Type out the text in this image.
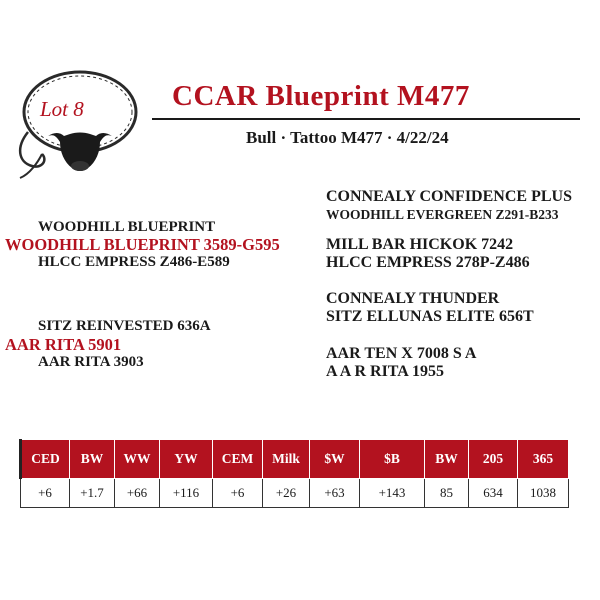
Lot 8	CCAR Blueprint M477
Bull · Tattoo M477 · 4/22/24
WOODHILL BLUEPRINT
WOODHILL BLUEPRINT 3589-G595
HLCC EMPRESS Z486-E589
SITZ REINVESTED 636A
AAR RITA 5901
AAR RITA 3903
CONNEALY CONFIDENCE PLUS
WOODHILL EVERGREEN Z291-B233
MILL BAR HICKOK 7242
HLCC EMPRESS 278P-Z486
CONNEALY THUNDER
SITZ ELLUNAS ELITE 656T
AAR TEN X 7008 S A
A A R RITA 1955
CED	BW	WW	YW	CEM	Milk	$W	$B	BW	205	365
+6	+1.7	+66	+116	+6	+26	+63	+143	85	634	1038
